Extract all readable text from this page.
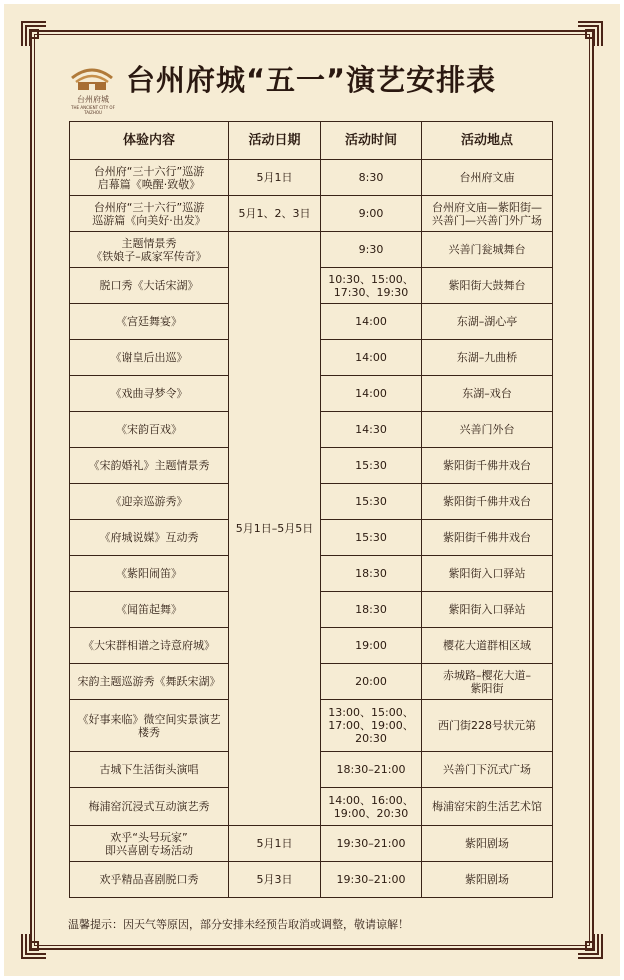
台州府城
THE ANCIENT CITY OF TAIZHOU
台州府城“五一”演艺安排表
体验内容	活动日期	活动时间	活动地点
台州府“三十六行”巡游
启幕篇《唤醒·致敬》	5月1日	8:30	台州府文庙
台州府“三十六行”巡游
巡游篇《向美好·出发》	5月1、2、3日	9:00	台州府文庙—紫阳街—
兴善门—兴善门外广场
主题情景秀
《铁娘子–戚家军传奇》	5月1日–5月5日	9:30	兴善门瓮城舞台
脱口秀《大话宋湖》		10:30、15:00、
17:30、19:30	紫阳街大鼓舞台
《宫廷舞宴》		14:00	东湖–湖心亭
《谢皇后出巡》		14:00	东湖–九曲桥
《戏曲寻梦令》		14:00	东湖–戏台
《宋韵百戏》		14:30	兴善门外台
《宋韵婚礼》主题情景秀		15:30	紫阳街千佛井戏台
《迎亲巡游秀》		15:30	紫阳街千佛井戏台
《府城说媒》互动秀		15:30	紫阳街千佛井戏台
《紫阳闹笛》		18:30	紫阳街入口驿站
《闻笛起舞》		18:30	紫阳街入口驿站
《大宋群相谱之诗意府城》		19:00	樱花大道群相区域
宋韵主题巡游秀《舞跃宋湖》		20:00	赤城路–樱花大道–
紫阳街
《好事来临》微空间实景演艺
楼秀		13:00、15:00、
17:00、19:00、
20:30	西门街228号状元第
古城下生活街头演唱		18:30–21:00	兴善门下沉式广场
梅浦窑沉浸式互动演艺秀		14:00、16:00、
19:00、20:30	梅浦窑宋韵生活艺术馆
欢乎“头号玩家”
即兴喜剧专场活动	5月1日	19:30–21:00	紫阳剧场
欢乎精品喜剧脱口秀	5月3日	19:30–21:00	紫阳剧场
温馨提示：因天气等原因，部分安排未经预告取消或调整，敬请谅解！
